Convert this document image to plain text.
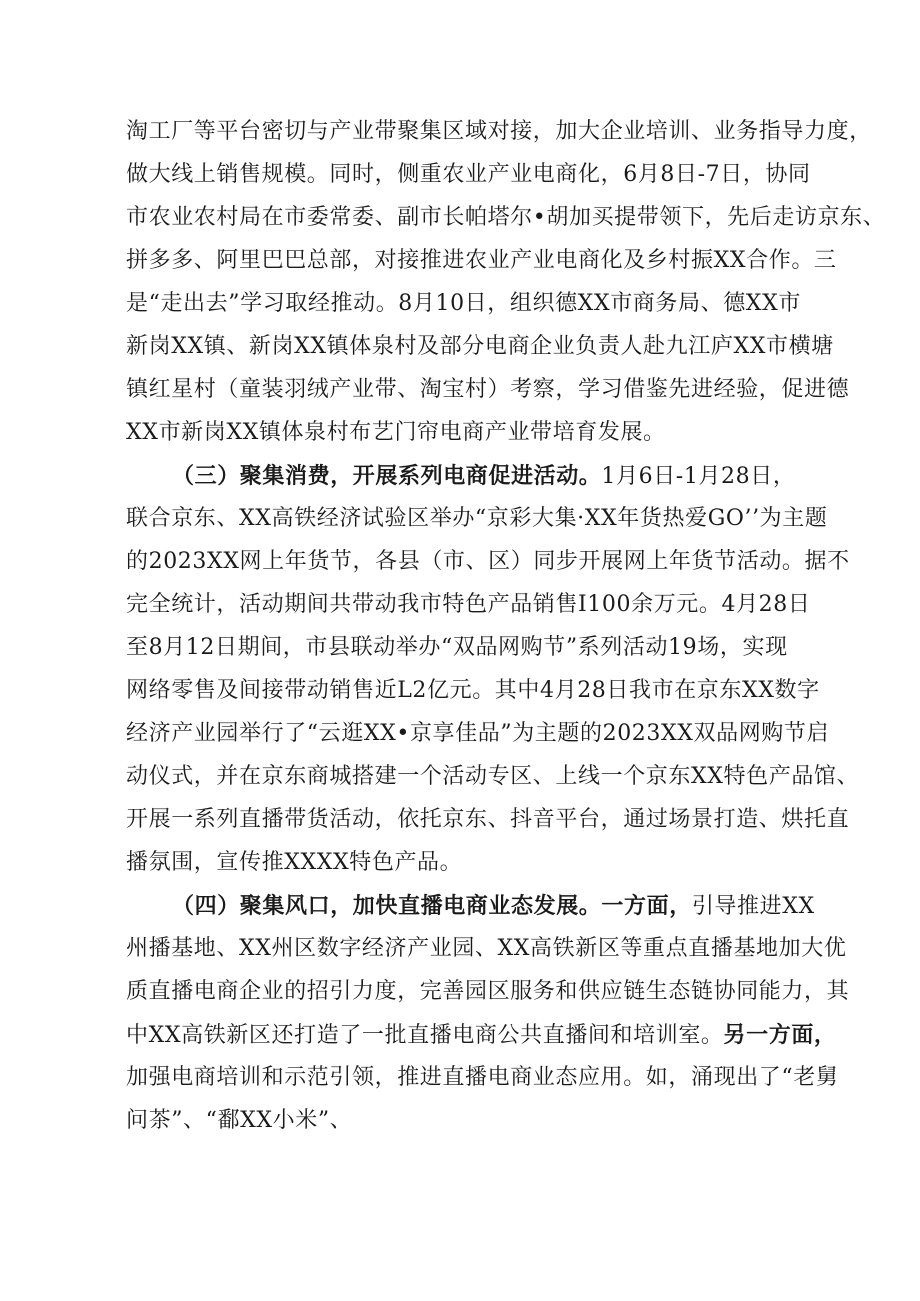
淘工厂等平台密切与产业带聚集区域对接，加大企业培训、业务指导力度，
做大线上销售规模。同时，侧重农业产业电商化，6月8日-7日，协同
市农业农村局在市委常委、副市长帕塔尔•胡加买提带领下，先后走访京东、
拼多多、阿里巴巴总部，对接推进农业产业电商化及乡村振XX合作。三
是“走出去”学习取经推动。8月10日，组织德XX市商务局、德XX市
新岗XX镇、新岗XX镇体泉村及部分电商企业负责人赴九江庐XX市横塘
镇红星村（童装羽绒产业带、淘宝村）考察，学习借鉴先进经验，促进德
XX市新岗XX镇体泉村布艺门帘电商产业带培育发展。
（三）聚集消费，开展系列电商促进活动。1月6日-1月28日，
联合京东、XX高铁经济试验区举办“京彩大集·XX年货热爱GO’’为主题
的2023XX网上年货节，各县（市、区）同步开展网上年货节活动。据不
完全统计，活动期间共带动我市特色产品销售I100余万元。4月28日
至8月12日期间，市县联动举办“双品网购节”系列活动19场，实现
网络零售及间接带动销售近L2亿元。其中4月28日我市在京东XX数字
经济产业园举行了“云逛XX•京享佳品”为主题的2023XX双品网购节启
动仪式，并在京东商城搭建一个活动专区、上线一个京东XX特色产品馆、
开展一系列直播带货活动，依托京东、抖音平台，通过场景打造、烘托直
播氛围，宣传推XXXX特色产品。
（四）聚集风口，加快直播电商业态发展。一方面，引导推进XX
州播基地、XX州区数字经济产业园、XX高铁新区等重点直播基地加大优
质直播电商企业的招引力度，完善园区服务和供应链生态链协同能力，其
中XX高铁新区还打造了一批直播电商公共直播间和培训室。另一方面，
加强电商培训和示范引领，推进直播电商业态应用。如，涌现出了“老舅
问茶”、“鄱XX小米”、
